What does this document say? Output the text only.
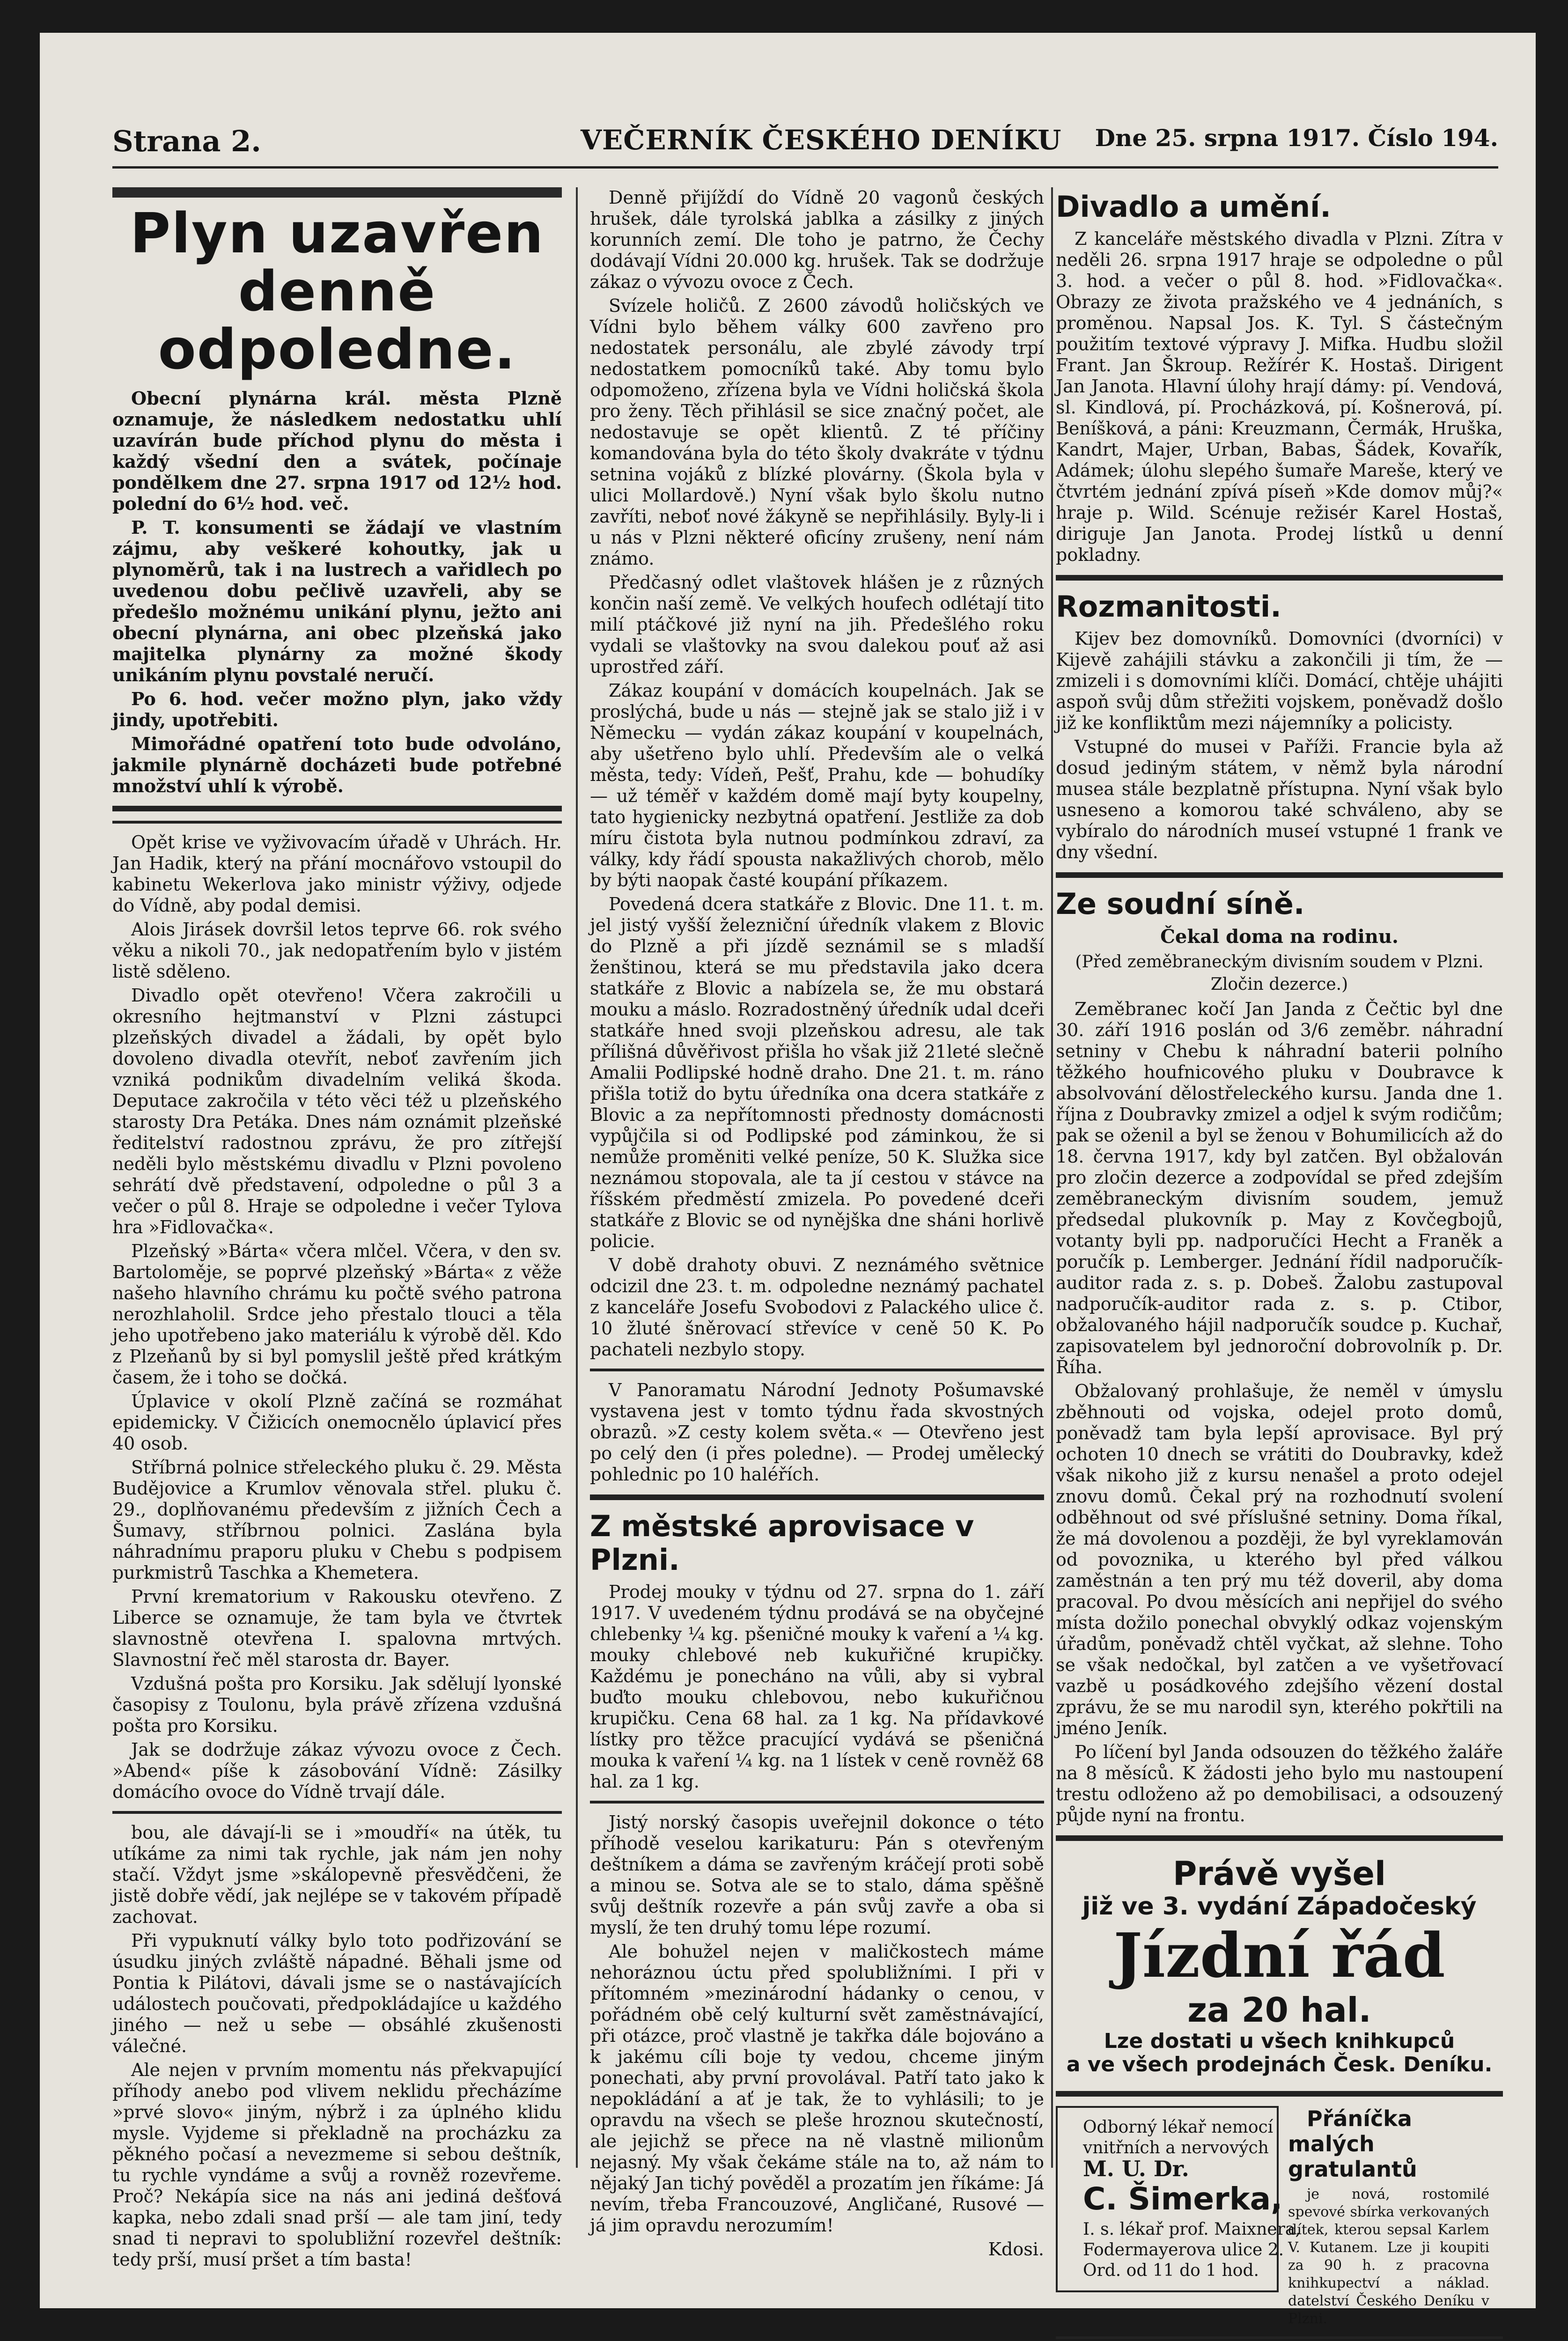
Strana 2.	VEČERNÍK ČESKÉHO DENÍKU Dne 25. srpna 1917. Číslo 194.
Plyn uzavřen denně odpoledne.

Obecní plynárna král. města Plzně oznamuje, že následkem nedostatku uhlí uzavírán bude příchod plynu do města i každý všední den a svátek, počínaje pondělkem dne 27. srpna 1917 od 12½ hod. polední do 6½ hod. več.

P. T. konsumenti se žádají ve vlastním zájmu, aby veškeré kohoutky, jak u plynoměrů, tak i na lustrech a vařidlech po uvedenou dobu pečlivě uzavřeli, aby se předešlo možnému unikání plynu, ježto ani obecní plynárna, ani obec plzeňská jako majitelka plynárny za možné škody unikáním plynu povstalé neručí.

Po 6. hod. večer možno plyn, jako vždy jindy, upotřebiti.

Mimořádné opatření toto bude odvoláno, jakmile plynárně docházeti bude potřebné množství uhlí k výrobě.

Opět krise ve vyživovacím úřadě v Uhrách. Hr. Jan Hadik, který na přání mocnářovo vstoupil do kabinetu Wekerlova jako ministr výživy, odjede do Vídně, aby podal demisi.

Alois Jirásek dovršil letos teprve 66. rok svého věku a nikoli 70., jak nedopatřením bylo v jistém listě sděleno.

Divadlo opět otevřeno! Včera zakročili u okresního hejtmanství v Plzni zástupci plzeňských divadel a žádali, by opět bylo dovoleno divadla otevřít, neboť zavřením jich vzniká podnikům divadelním veliká škoda. Deputace zakročila v této věci též u plzeňského starosty Dra Petáka. Dnes nám oznámit plzeňské ředitelství radostnou zprávu, že pro zítřejší neděli bylo městskému divadlu v Plzni povoleno sehrátí dvě představení, odpoledne o půl 3 a večer o půl 8. Hraje se odpoledne i večer Tylova hra »Fidlovačka«.

Plzeňský »Bárta« včera mlčel. Včera, v den sv. Bartoloměje, se poprvé plzeňský »Bárta« z věže našeho hlavního chrámu ku počtě svého patrona nerozhlaholil. Srdce jeho přestalo tlouci a těla jeho upotřebeno jako materiálu k výrobě děl. Kdo z Plzeňanů by si byl pomyslil ještě před krátkým časem, že i toho se dočká.

Úplavice v okolí Plzně začíná se rozmáhat epidemicky. V Čižicích onemocnělo úplavicí přes 40 osob.

Stříbrná polnice střeleckého pluku č. 29. Města Budějovice a Krumlov věnovala střel. pluku č. 29., doplňovanému především z jižních Čech a Šumavy, stříbrnou polnici. Zaslána byla náhradnímu praporu pluku v Chebu s podpisem purkmistrů Taschka a Khemetera.

První krematorium v Rakousku otevřeno. Z Liberce se oznamuje, že tam byla ve čtvrtek slavnostně otevřena I. spalovna mrtvých. Slavnostní řeč měl starosta dr. Bayer.

Vzdušná pošta pro Korsiku. Jak sdělují lyonské časopisy z Toulonu, byla právě zřízena vzdušná pošta pro Korsiku.

Jak se dodržuje zákaz vývozu ovoce z Čech. »Abend« píše k zásobování Vídně: Zásilky domácího ovoce do Vídně trvají dále.

bou, ale dávají-li se i »moudří« na útěk, tu utíkáme za nimi tak rychle, jak nám jen nohy stačí. Vždyt jsme »skálopevně přesvědčeni, že jistě dobře vědí, jak nejlépe se v takovém případě zachovat.

Při vypuknutí války bylo toto podřizování se úsudku jiných zvláště nápadné. Běhali jsme od Pontia k Pilátovi, dávali jsme se o nastávajících událostech poučovati, předpokládajíce u každého jiného — než u sebe — obsáhlé zkušenosti válečné.

Ale nejen v prvním momentu nás překvapující příhody anebo pod vlivem neklidu přecházíme »prvé slovo« jiným, nýbrž i za úplného klidu mysle. Vyjdeme si překladně na procházku za pěkného počasí a nevezmeme si sebou deštník, tu rychle vyndáme a svůj a rovněž rozevřeme. Proč? Nekápía sice na nás ani jediná dešťová kapka, nebo zdali snad prší — ale tam jiní, tedy snad ti nepravi to spolubližní rozevřel deštník: tedy prší, musí pršet a tím basta!

Denně přijíždí do Vídně 20 vagonů českých hrušek, dále tyrolská jablka a zásilky z jiných korunních zemí. Dle toho je patrno, že Čechy dodávají Vídni 20.000 kg. hrušek. Tak se dodržuje zákaz o vývozu ovoce z Čech.

Svízele holičů. Z 2600 závodů holičských ve Vídni bylo během války 600 zavřeno pro nedostatek personálu, ale zbylé závody trpí nedostatkem pomocníků také. Aby tomu bylo odpomoženo, zřízena byla ve Vídni holičská škola pro ženy. Těch přihlásil se sice značný počet, ale nedostavuje se opět klientů. Z té příčiny komandována byla do této školy dvakráte v týdnu setnina vojáků z blízké plovárny. (Škola byla v ulici Mollardově.) Nyní však bylo školu nutno zavříti, neboť nové žákyně se nepřihlásily. Byly-li i u nás v Plzni některé oficíny zrušeny, není nám známo.

Předčasný odlet vlaštovek hlášen je z různých končin naší země. Ve velkých houfech odlétají tito milí ptáčkové již nyní na jih. Předešlého roku vydali se vlaštovky na svou dalekou pouť až asi uprostřed září.

Zákaz koupání v domácích koupelnách. Jak se proslýchá, bude u nás — stejně jak se stalo již i v Německu — vydán zákaz koupání v koupelnách, aby ušetřeno bylo uhlí. Především ale o velká města, tedy: Vídeň, Pešť, Prahu, kde — bohudíky — už téměř v každém domě mají byty koupelny, tato hygienicky nezbytná opatření. Jestliže za dob míru čistota byla nutnou podmínkou zdraví, za války, kdy řádí spousta nakažlivých chorob, mělo by býti naopak časté koupání příkazem.

Povedená dcera statkáře z Blovic. Dne 11. t. m. jel jistý vyšší železniční úředník vlakem z Blovic do Plzně a při jízdě seznámil se s mladší ženštinou, která se mu představila jako dcera statkáře z Blovic a nabízela se, že mu obstará mouku a máslo. Rozradostněný úředník udal dceři statkáře hned svoji plzeňskou adresu, ale tak přílišná důvěřivost přišla ho však již 21leté slečně Amalii Podlipské hodně draho. Dne 21. t. m. ráno přišla totiž do bytu úředníka ona dcera statkáře z Blovic a za nepřítomnosti přednosty domácnosti vypůjčila si od Podlipské pod záminkou, že si nemůže proměniti velké peníze, 50 K. Služka sice neznámou stopovala, ale ta jí cestou v stávce na říšském předměstí zmizela. Po povedené dceři statkáře z Blovic se od nynějška dne sháni horlivě policie.

V době drahoty obuvi. Z neznámého světnice odcizil dne 23. t. m. odpoledne neznámý pachatel z kanceláře Josefu Svobodovi z Palackého ulice č. 10 žluté šněrovací střevíce v ceně 50 K. Po pachateli nezbylo stopy.

V Panoramatu Národní Jednoty Pošumavské vystavena jest v tomto týdnu řada skvostných obrazů. »Z cesty kolem světa.« — Otevřeno jest po celý den (i přes poledne). — Prodej umělecký pohlednic po 10 haléřích.

Z městské aprovisace v Plzni.

Prodej mouky v týdnu od 27. srpna do 1. září 1917. V uvedeném týdnu prodává se na obyčejné chlebenky ¼ kg. pšeničné mouky k vaření a ¼ kg. mouky chlebové neb kukuřičné krupičky. Každému je ponecháno na vůli, aby si vybral buďto mouku chlebovou, nebo kukuřičnou krupičku. Cena 68 hal. za 1 kg. Na přídavkové lístky pro těžce pracující vydává se pšeničná mouka k vaření ¼ kg. na 1 lístek v ceně rovněž 68 hal. za 1 kg.

Jistý norský časopis uveřejnil dokonce o této příhodě veselou karikaturu: Pán s otevřeným deštníkem a dáma se zavřeným kráčejí proti sobě a minou se. Sotva ale se to stalo, dáma spěšně svůj deštník rozevře a pán svůj zavře a oba si myslí, že ten druhý tomu lépe rozumí.

Ale bohužel nejen v maličkostech máme nehoráznou úctu před spolubližními. I při v přítomném »mezinárodní hádanky o cenou, v pořádném obě celý kulturní svět zaměstnávající, při otázce, proč vlastně je takřka dále bojováno a k jakému cíli boje ty vedou, chceme jiným ponechati, aby první provolával. Patří tato jako k nepokládání a ať je tak, že to vyhlásili; to je opravdu na všech se pleše hroznou skutečností, ale jejichž se přece na ně vlastně milionům nejasný. My však čekáme stále na to, až nám to nějaký Jan tichý pověděl a prozatím jen říkáme: Já nevím, třeba Francouzové, Angličané, Rusové — já jim opravdu nerozumím!

Kdosi.

Divadlo a umění.

Z kanceláře městského divadla v Plzni. Zítra v neděli 26. srpna 1917 hraje se odpoledne o půl 3. hod. a večer o půl 8. hod. »Fidlovačka«. Obrazy ze života pražského ve 4 jednáních, s proměnou. Napsal Jos. K. Tyl. S částečným použitím textové výpravy J. Mifka. Hudbu složil Frant. Jan Škroup. Režírér K. Hostaš. Dirigent Jan Janota. Hlavní úlohy hrají dámy: pí. Vendová, sl. Kindlová, pí. Procházková, pí. Košnerová, pí. Beníšková, a páni: Kreuzmann, Čermák, Hruška, Kandrt, Majer, Urban, Babas, Šádek, Kovařík, Adámek; úlohu slepého šumaře Mareše, který ve čtvrtém jednání zpívá píseň »Kde domov můj?« hraje p. Wild. Scénuje režisér Karel Hostaš, diriguje Jan Janota. Prodej lístků u denní pokladny.

Rozmanitosti.

Kijev bez domovníků. Domovníci (dvorníci) v Kijevě zahájili stávku a zakončili ji tím, že — zmizeli i s domovními klíči. Domácí, chtěje uhájiti aspoň svůj dům střežiti vojskem, poněvadž došlo již ke konfliktům mezi nájemníky a policisty.

Vstupné do musei v Paříži. Francie byla až dosud jediným státem, v němž byla národní musea stále bezplatně přístupna. Nyní však bylo usneseno a komorou také schváleno, aby se vybíralo do národních museí vstupné 1 frank ve dny všední.

Ze soudní síně.
Čekal doma na rodinu.
(Před zeměbraneckým divisním soudem v Plzni. Zločin dezerce.)

Zeměbranec kočí Jan Janda z Čečtic byl dne 30. září 1916 poslán od 3/6 zeměbr. náhradní setniny v Chebu k náhradní baterii polního těžkého houfnicového pluku v Doubravce k absolvování dělostřeleckého kursu. Janda dne 1. října z Doubravky zmizel a odjel k svým rodičům; pak se oženil a byl se ženou v Bohumilicích až do 18. června 1917, kdy byl zatčen. Byl obžalován pro zločin dezerce a zodpovídal se před zdejším zeměbraneckým divisním soudem, jemuž předsedal plukovník p. May z Kovčegbojů, votanty byli pp. nadporučíci Hecht a Franěk a poručík p. Lemberger. Jednání řídil nadporučík-auditor rada z. s. p. Dobeš. Žalobu zastupoval nadporučík-auditor rada z. s. p. Ctibor, obžalovaného hájil nadporučík soudce p. Kuchař, zapisovatelem byl jednoroční dobrovolník p. Dr. Říha.

Obžalovaný prohlašuje, že neměl v úmyslu zběhnouti od vojska, odejel proto domů, poněvadž tam byla lepší aprovisace. Byl prý ochoten 10 dnech se vrátiti do Doubravky, kdež však nikoho již z kursu nenašel a proto odejel znovu domů. Čekal prý na rozhodnutí svolení odběhnout od své příslušné setniny. Doma říkal, že má dovolenou a později, že byl vyreklamován od povoznika, u kterého byl před válkou zaměstnán a ten prý mu též doveril, aby doma pracoval. Po dvou měsících ani nepřijel do svého místa dožilo ponechal obvyklý odkaz vojenským úřadům, poněvadž chtěl vyčkat, až slehne. Toho se však nedočkal, byl zatčen a ve vyšetřovací vazbě u posádkového zdejšího vězení dostal zprávu, že se mu narodil syn, kterého pokřtili na jméno Jeník.

Po líčení byl Janda odsouzen do těžkého žaláře na 8 měsíců. K žádosti jeho bylo mu nastoupení trestu odloženo až po demobilisaci, a odsouzený půjde nyní na frontu.

Právě vyšel
již ve 3. vydání Západočeský
Jízdní řád
za 20 hal.
Lze dostati u všech knihkupců
a ve všech prodejnách Česk. Deníku.

Odborný lékař nemocí

vnitřních a nervových

M. U. Dr.

C. Šimerka,

I. s. lékař prof. Maixnera,

Fodermayerova ulice 2.

Ord. od 11 do 1 hod.

Přáníčka malých gratulantů

je nová, rostomilé spevové sbírka verkovaných dítek, kterou sepsal Karlem V. Kutanem. Lze ji koupiti za 90 h. z pracovna knihkupectví a náklad. datelství Českého Deníku v Plzni.
